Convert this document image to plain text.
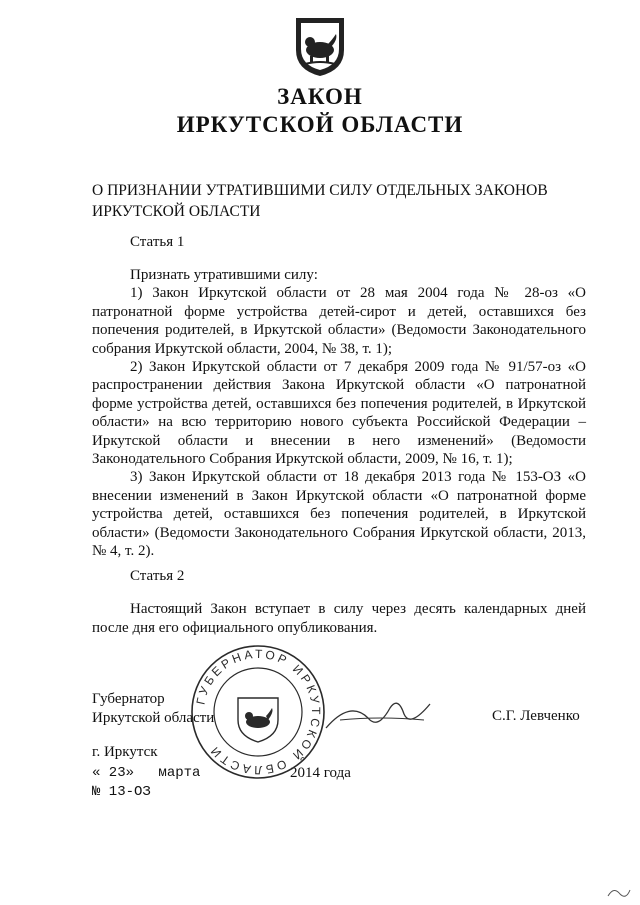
ЗАКОН
ИРКУТСКОЙ ОБЛАСТИ
О ПРИЗНАНИИ УТРАТИВШИМИ СИЛУ ОТДЕЛЬНЫХ ЗАКОНОВ ИРКУТСКОЙ ОБЛАСТИ
Статья 1

Признать утратившими силу:

1) Закон Иркутской области от 28 мая 2004 года № 28-оз «О патронатной форме устройства детей-сирот и детей, оставшихся без попечения родителей, в Иркутской области» (Ведомости Законодательного собрания Иркутской области, 2004, № 38, т. 1);

2) Закон Иркутской области от 7 декабря 2009 года № 91/57-оз «О распространении действия Закона Иркутской области «О патронатной форме устройства детей, оставшихся без попечения родителей, в Иркутской области» на всю территорию нового субъекта Российской Федерации – Иркутской области и внесении в него изменений» (Ведомости Законодательного Собрания Иркутской области, 2009, № 16, т. 1);

3) Закон Иркутской области от 18 декабря 2013 года № 153-ОЗ «О внесении изменений в Закон Иркутской области «О патронатной форме устройства детей, оставшихся без попечения родителей, в Иркутской области» (Ведомости Законодательного Собрания Иркутской области, 2013, № 4, т. 2).

Статья 2

Настоящий Закон вступает в силу через десять календарных дней после дня его официального опубликования.

Губернатор
Иркутской области	С.Г. Левченко
г. Иркутск
« 23» марта	2014 года
№ 13-ОЗ
ГУБЕРНАТОР ИРКУТСКОЙ ОБЛАСТИ
